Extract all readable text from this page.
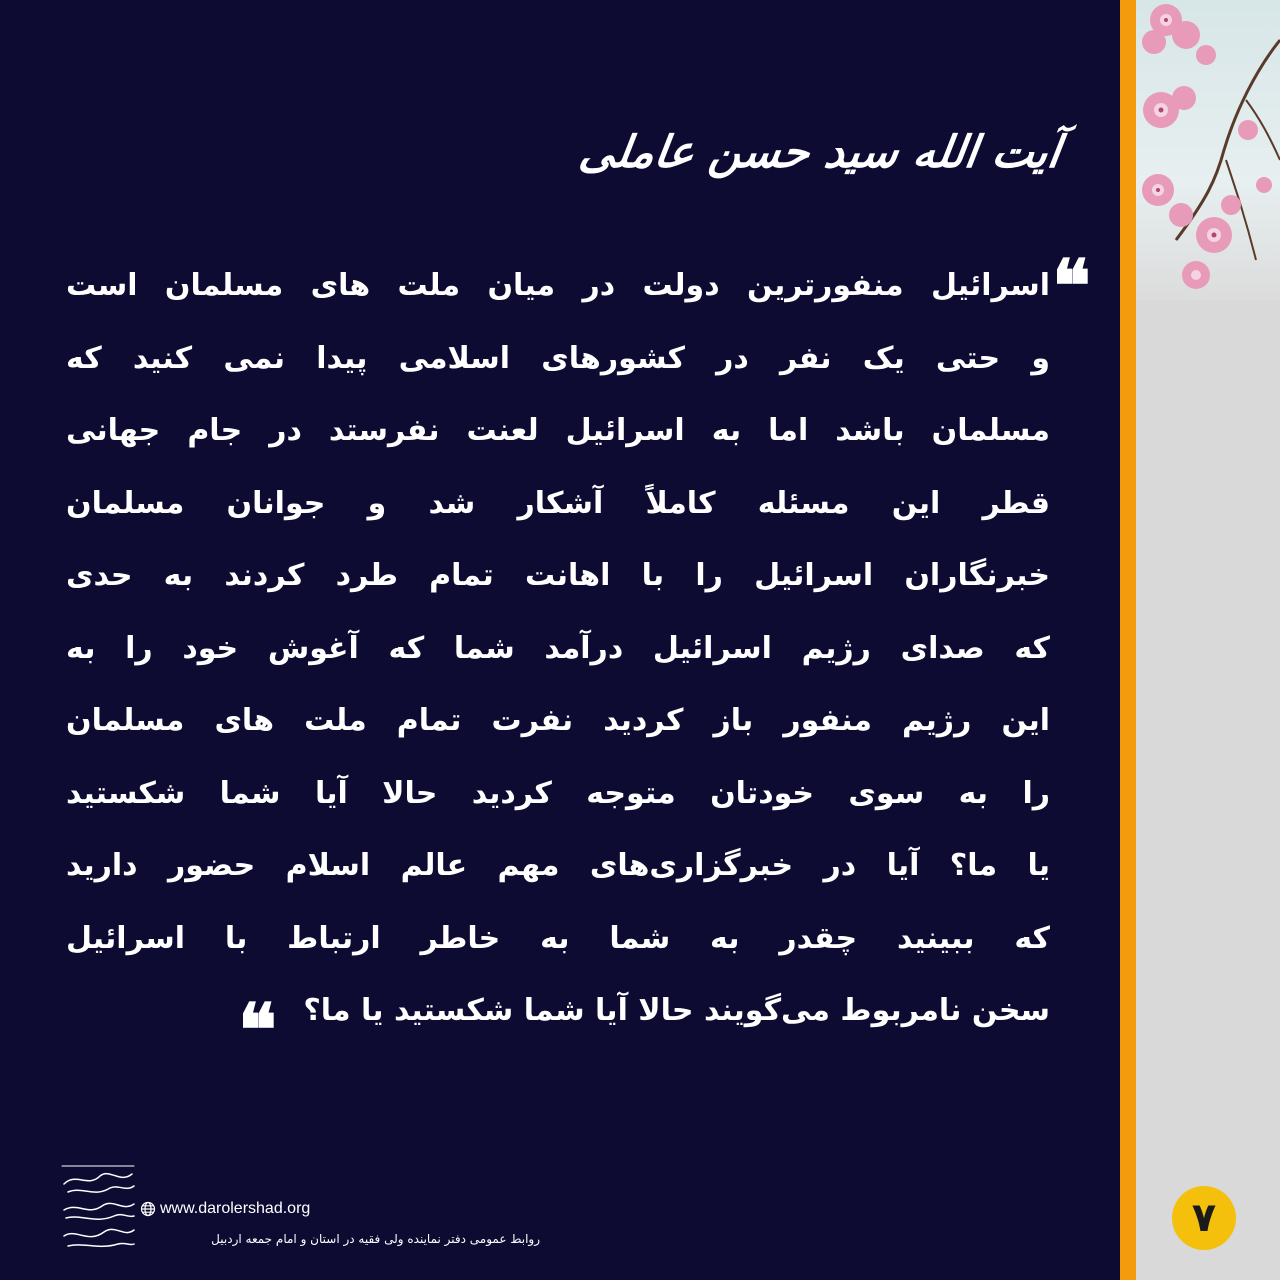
آیت الله سید حسن عاملی
❝
اسرائیل منفورترین دولت در میان ملت های مسلمان است
و حتی یک نفر در کشورهای اسلامی پیدا نمی کنید که
مسلمان باشد اما به اسرائیل لعنت نفرستد در جام جهانی
قطر این مسئله کاملاً آشکار شد و جوانان مسلمان
خبرنگاران اسرائیل را با اهانت تمام طرد کردند به حدی
که صدای رژیم اسرائیل درآمد شما که آغوش خود را به
این رژیم منفور باز کردید نفرت تمام ملت های مسلمان
را به سوی خودتان متوجه کردید حالا آیا شما شکستید
یا ما؟ آیا در خبرگزاری‌های مهم عالم اسلام حضور دارید
که ببینید چقدر به شما به خاطر ارتباط با اسرائیل
سخن نامربوط می‌گویند حالا آیا شما شکستید یا ما؟
❝
www.darolershad.org
روابط عمومی دفتر نماینده ولی فقیه در استان و امام جمعه اردبیل	۷
